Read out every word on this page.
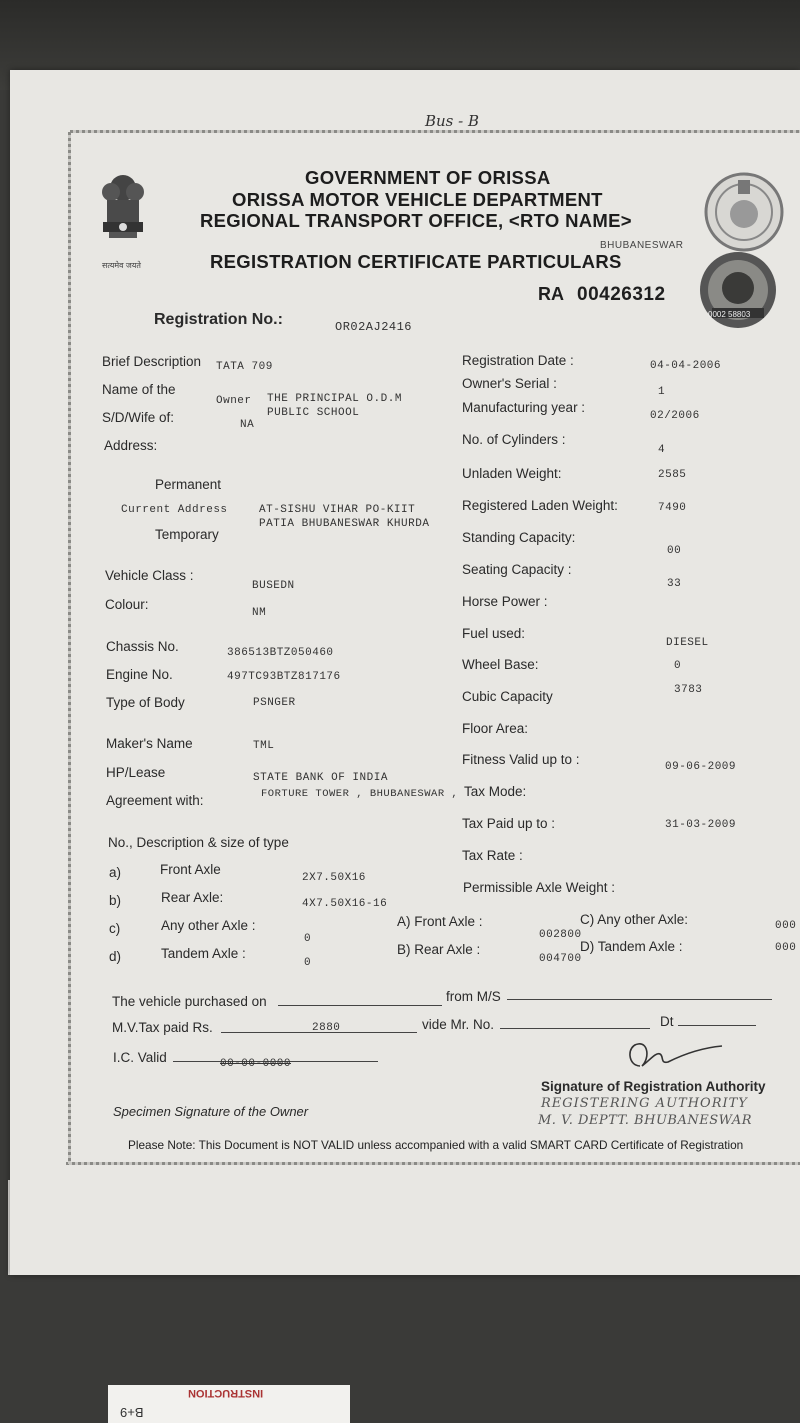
Bus - B
सत्यमेव जयते
GOVERNMENT OF ORISSA
ORISSA MOTOR VEHICLE DEPARTMENT
REGIONAL TRANSPORT OFFICE, <RTO NAME>
BHUBANESWAR
REGISTRATION CERTIFICATE PARTICULARS
RA 00426312
0002 58803
Registration No.:	OR02AJ2416
Brief Description TATA 709
Name of the
Owner THE PRINCIPAL O.D.M
PUBLIC SCHOOL
S/D/Wife of:	NA
Address:
Permanent
Current Address	AT-SISHU VIHAR PO-KIIT
PATIA BHUBANESWAR KHURDA
Temporary
Vehicle Class :
BUSEDN
Colour:
NM
Chassis No.	386513BTZ050460
Engine No.	497TC93BTZ817176
Type of Body	PSNGER
Maker's Name	TML
HP/Lease	STATE BANK OF INDIA
Agreement with:	FORTURE TOWER , BHUBANESWAR ,
No., Description & size of type
a)	Front Axle
2X7.50X16
b)	Rear Axle:	4X7.50X16-16
c)	Any other Axle :
0
d)	Tandem Axle :
0
Registration Date :	04-04-2006
Owner's Serial :
1
Manufacturing year :
02/2006
No. of Cylinders :
4
Unladen Weight:	2585
Registered Laden Weight:	7490
Standing Capacity:
00
Seating Capacity :
33
Horse Power :
Fuel used:
DIESEL
Wheel Base:	0
Cubic Capacity	3783
Floor Area:
Fitness Valid up to :	09-06-2009
Tax Mode:
Tax Paid up to :	31-03-2009
Tax Rate :
Permissible Axle Weight :
A) Front Axle :
002800
B) Rear Axle :
004700
C) Any other Axle:	000
D) Tandem Axle :	000
The vehicle purchased on	from M/S
M.V.Tax paid Rs.	2880	vide Mr. No.	Dt
I.C. Valid	00-00-0000
Specimen Signature of the Owner
Signature of Registration Authority
REGISTERING AUTHORITY
M. V. DEPTT. BHUBANESWAR
Please Note: This Document is NOT VALID unless accompanied with a valid SMART CARD Certificate of Registration
INSTRUCTION
B+9
